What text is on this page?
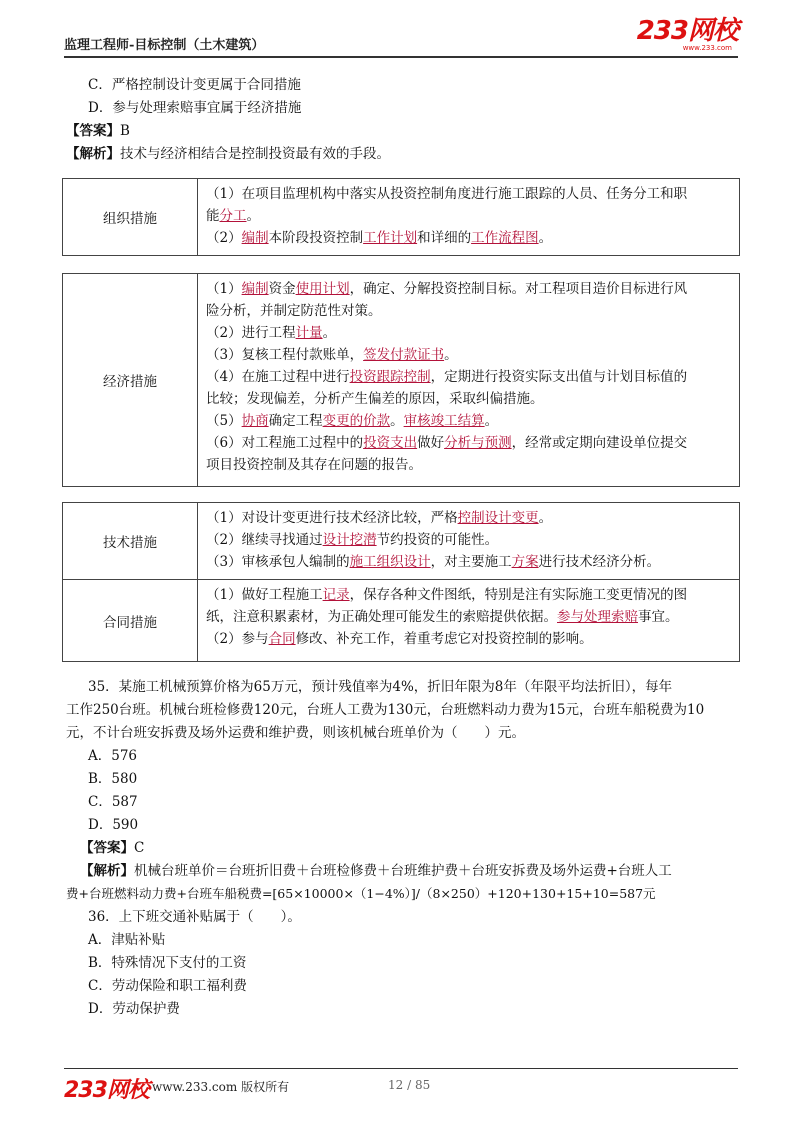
监理工程师-目标控制（土木建筑）	233网校
www.233.com
C．严格控制设计变更属于合同措施
D．参与处理索赔事宜属于经济措施
【答案】B
【解析】技术与经济相结合是控制投资最有效的手段。
组织措施
（1）在项目监理机构中落实从投资控制角度进行施工跟踪的人员、任务分工和职
能分工。
（2）编制本阶段投资控制工作计划和详细的工作流程图。
经济措施
（1）编制资金使用计划，确定、分解投资控制目标。对工程项目造价目标进行风
险分析，并制定防范性对策。
（2）进行工程计量。
（3）复核工程付款账单，签发付款证书。
（4）在施工过程中进行投资跟踪控制，定期进行投资实际支出值与计划目标值的
比较；发现偏差，分析产生偏差的原因，采取纠偏措施。
（5）协商确定工程变更的价款。审核竣工结算。
（6）对工程施工过程中的投资支出做好分析与预测，经常或定期向建设单位提交
项目投资控制及其存在问题的报告。
技术措施
（1）对设计变更进行技术经济比较，严格控制设计变更。
（2）继续寻找通过设计挖潜节约投资的可能性。
（3）审核承包人编制的施工组织设计，对主要施工方案进行技术经济分析。
合同措施
（1）做好工程施工记录，保存各种文件图纸，特别是注有实际施工变更情况的图
纸，注意积累素材，为正确处理可能发生的索赔提供依据。参与处理索赔事宜。
（2）参与合同修改、补充工作，着重考虑它对投资控制的影响。
35．某施工机械预算价格为65万元，预计残值率为4%，折旧年限为8年（年限平均法折旧），每年
工作250台班。机械台班检修费120元，台班人工费为130元，台班燃料动力费为15元，台班车船税费为10
元，不计台班安拆费及场外运费和维护费，则该机械台班单价为（　　）元。
A．576
B．580
C．587
D．590
【答案】C
【解析】机械台班单价＝台班折旧费＋台班检修费＋台班维护费＋台班安拆费及场外运费+台班人工
费+台班燃料动力费+台班车船税费=[65×10000×（1−4%）]/（8×250）+120+130+15+10=587元
36．上下班交通补贴属于（　　）。
A．津贴补贴
B．特殊情况下支付的工资
C．劳动保险和职工福利费
D．劳动保护费
233网校 www.233.com 版权所有	12 / 85
